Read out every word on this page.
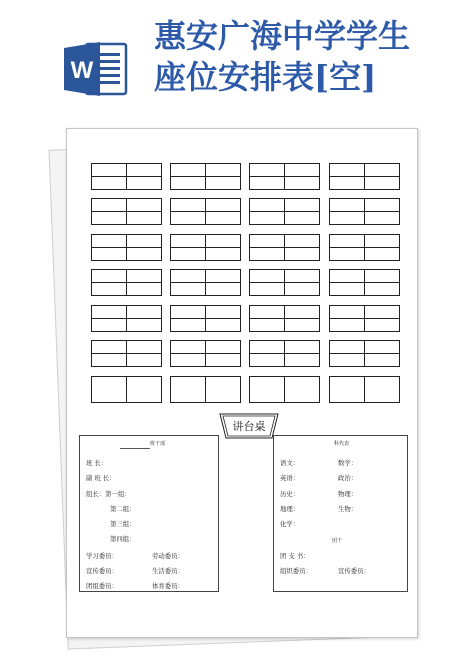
W
惠安广海中学学生
座位安排表[空]
讲台桌
班干部
班 长：
副 班 长：
组长：第一组：
第二组：
第三组：
第四组：
学习委员：	劳动委员：
宣传委员：	生活委员：
团组委员：	体育委员：
科代表
语文：	数学：
英语：	政治：
历史：	物理：
地理：	生物：
化学：
团干
团 支 书：
组织委员：	宣传委员：
